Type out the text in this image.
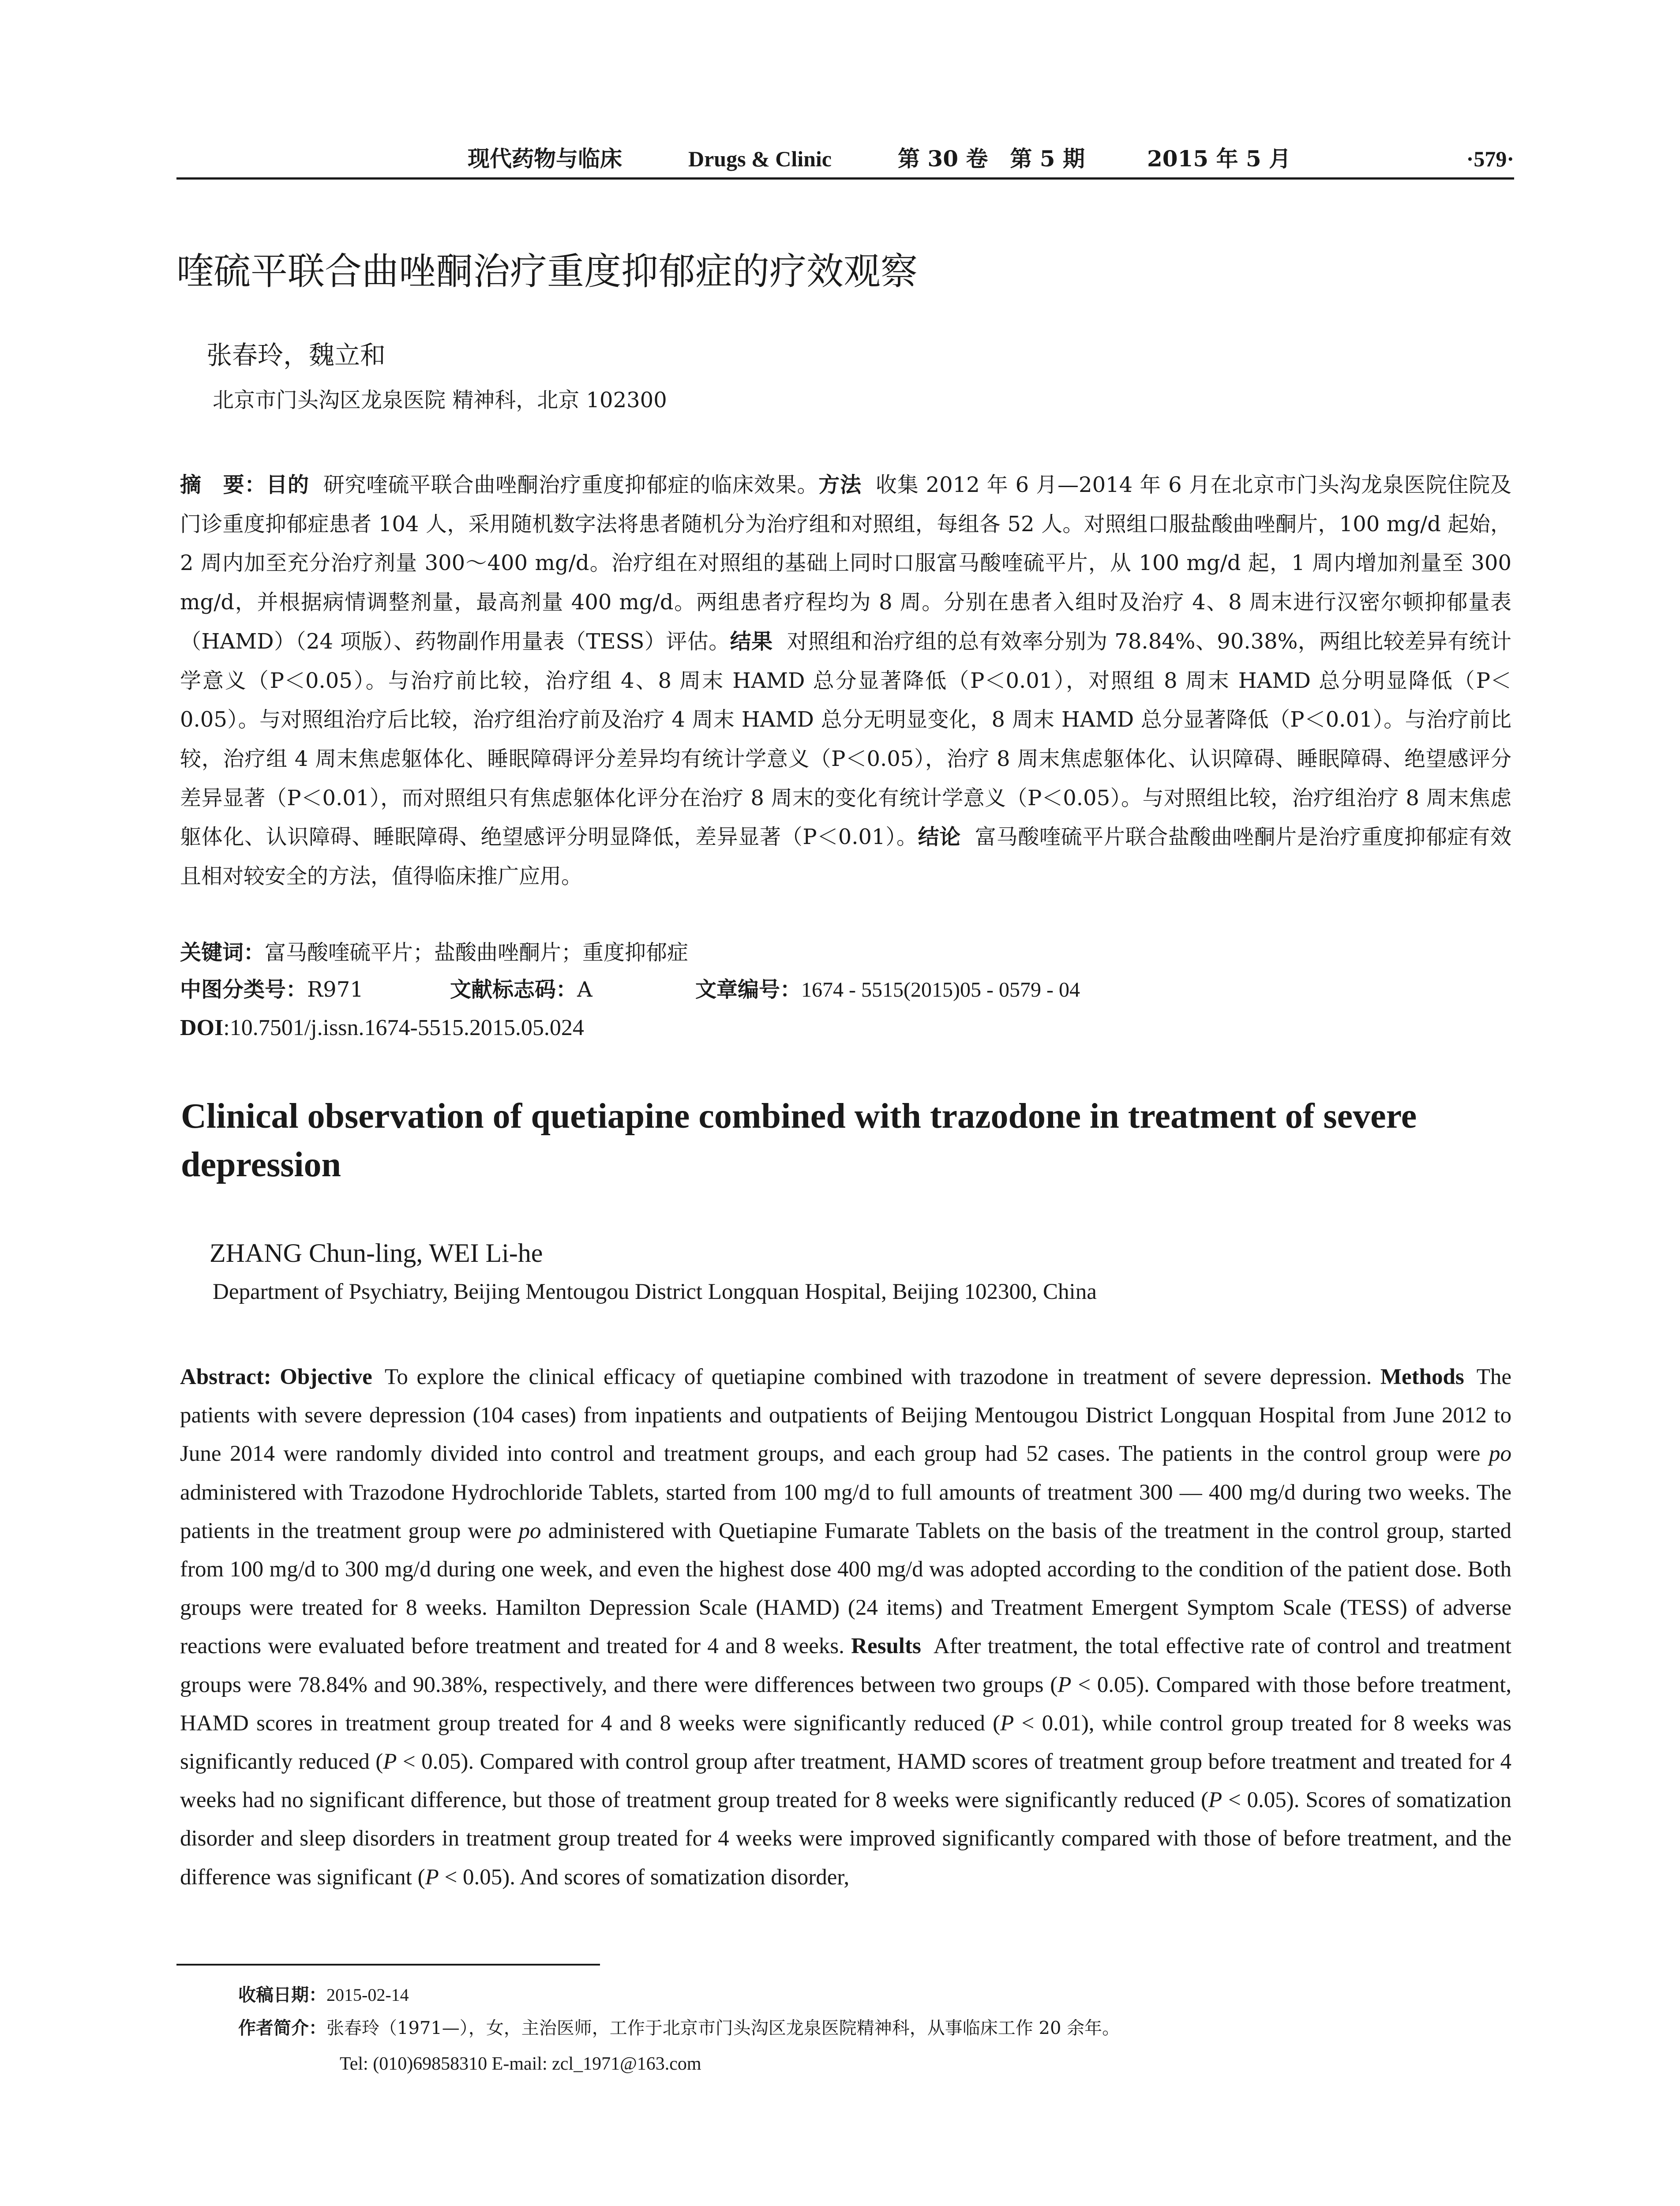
现代药物与临床	Drugs & Clinic	第 30 卷　第 5 期	2015 年 5 月	·579·
喹硫平联合曲唑酮治疗重度抑郁症的疗效观察
张春玲，魏立和
北京市门头沟区龙泉医院 精神科，北京 102300
摘　要：目的 研究喹硫平联合曲唑酮治疗重度抑郁症的临床效果。方法 收集 2012 年 6 月—2014 年 6 月在北京市门头沟龙泉医院住院及门诊重度抑郁症患者 104 人，采用随机数字法将患者随机分为治疗组和对照组，每组各 52 人。对照组口服盐酸曲唑酮片，100 mg/d 起始，2 周内加至充分治疗剂量 300～400 mg/d。治疗组在对照组的基础上同时口服富马酸喹硫平片，从 100 mg/d 起，1 周内增加剂量至 300 mg/d，并根据病情调整剂量，最高剂量 400 mg/d。两组患者疗程均为 8 周。分别在患者入组时及治疗 4、8 周末进行汉密尔顿抑郁量表（HAMD）（24 项版）、药物副作用量表（TESS）评估。结果 对照组和治疗组的总有效率分别为 78.84%、90.38%，两组比较差异有统计学意义（P＜0.05）。与治疗前比较，治疗组 4、8 周末 HAMD 总分显著降低（P＜0.01），对照组 8 周末 HAMD 总分明显降低（P＜0.05）。与对照组治疗后比较，治疗组治疗前及治疗 4 周末 HAMD 总分无明显变化，8 周末 HAMD 总分显著降低（P＜0.01）。与治疗前比较，治疗组 4 周末焦虑躯体化、睡眠障碍评分差异均有统计学意义（P＜0.05），治疗 8 周末焦虑躯体化、认识障碍、睡眠障碍、绝望感评分差异显著（P＜0.01），而对照组只有焦虑躯体化评分在治疗 8 周末的变化有统计学意义（P＜0.05）。与对照组比较，治疗组治疗 8 周末焦虑躯体化、认识障碍、睡眠障碍、绝望感评分明显降低，差异显著（P＜0.01）。结论 富马酸喹硫平片联合盐酸曲唑酮片是治疗重度抑郁症有效且相对较安全的方法，值得临床推广应用。
关键词：富马酸喹硫平片；盐酸曲唑酮片；重度抑郁症
中图分类号：R971	文献标志码：A	文章编号：1674 - 5515(2015)05 - 0579 - 04
DOI:10.7501/j.issn.1674-5515.2015.05.024
Clinical observation of quetiapine combined with trazodone in treatment of severe depression
ZHANG Chun-ling, WEI Li-he
Department of Psychiatry, Beijing Mentougou District Longquan Hospital, Beijing 102300, China
Abstract: Objective To explore the clinical efficacy of quetiapine combined with trazodone in treatment of severe depression. Methods The patients with severe depression (104 cases) from inpatients and outpatients of Beijing Mentougou District Longquan Hospital from June 2012 to June 2014 were randomly divided into control and treatment groups, and each group had 52 cases. The patients in the control group were po administered with Trazodone Hydrochloride Tablets, started from 100 mg/d to full amounts of treatment 300 — 400 mg/d during two weeks. The patients in the treatment group were po administered with Quetiapine Fumarate Tablets on the basis of the treatment in the control group, started from 100 mg/d to 300 mg/d during one week, and even the highest dose 400 mg/d was adopted according to the condition of the patient dose. Both groups were treated for 8 weeks. Hamilton Depression Scale (HAMD) (24 items) and Treatment Emergent Symptom Scale (TESS) of adverse reactions were evaluated before treatment and treated for 4 and 8 weeks. Results After treatment, the total effective rate of control and treatment groups were 78.84% and 90.38%, respectively, and there were differences between two groups (P < 0.05). Compared with those before treatment, HAMD scores in treatment group treated for 4 and 8 weeks were significantly reduced (P < 0.01), while control group treated for 8 weeks was significantly reduced (P < 0.05). Compared with control group after treatment, HAMD scores of treatment group before treatment and treated for 4 weeks had no significant difference, but those of treatment group treated for 8 weeks were significantly reduced (P < 0.05). Scores of somatization disorder and sleep disorders in treatment group treated for 4 weeks were improved significantly compared with those of before treatment, and the difference was significant (P < 0.05). And scores of somatization disorder,
收稿日期：2015-02-14
作者简介：张春玲（1971—），女，主治医师，工作于北京市门头沟区龙泉医院精神科，从事临床工作 20 余年。
Tel: (010)69858310 E-mail: zcl_1971@163.com
